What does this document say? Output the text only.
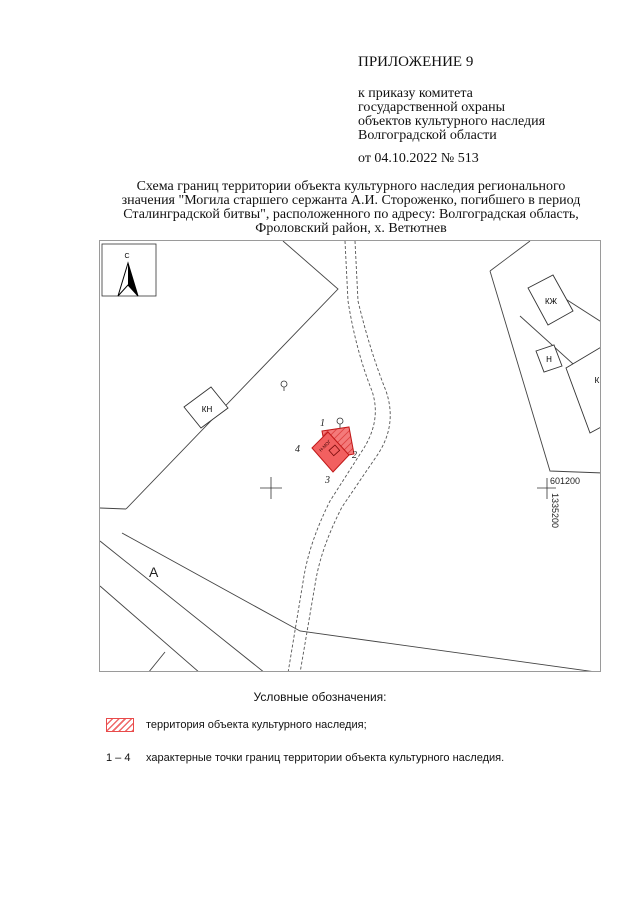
ПРИЛОЖЕНИЕ 9
к приказу комитета
государственной охраны
объектов культурного наследия
Волгоградской области
от 04.10.2022 № 513
Схема границ территории объекта культурного наследия регионального
значения "Могила старшего сержанта А.И. Стороженко, погибшего в период
Сталинградской битвы", расположенного по адресу: Волгоградская область,
Фроловский район, х. Ветютнев
С
КН
КЖ
Н
К
Н-МОГ
1
2
3
4
А
601200
1335200
Условные обозначения:
территория объекта культурного наследия;
1 – 4	характерные точки границ территории объекта культурного наследия.
